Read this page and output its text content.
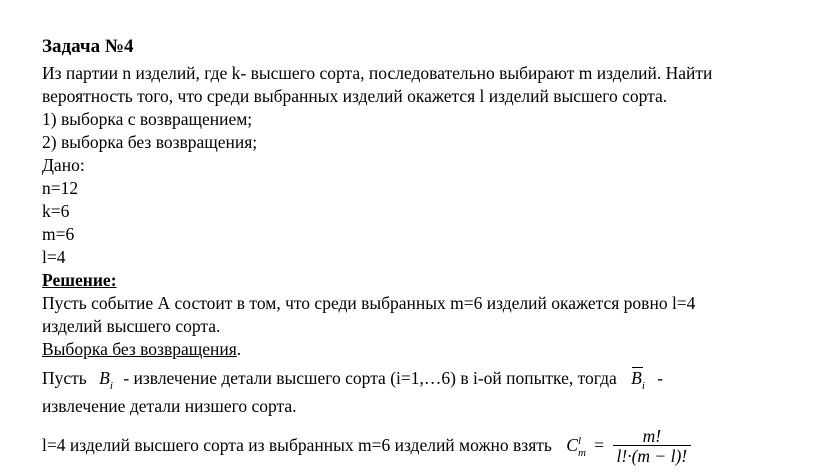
Задача №4
Из партии n изделий, где k- высшего сорта, последовательно выбирают m изделий. Найти
вероятность того, что среди выбранных изделий окажется l изделий высшего сорта.
1) выборка с возвращением;
2) выборка без возвращения;
Дано:
n=12
k=6
m=6
l=4
Решение:
Пусть событие А состоит в том, что среди выбранных m=6 изделий окажется ровно l=4
изделий высшего сорта.
Выборка без возвращения.
Пусть $B_i$ - извлечение детали высшего сорта (i=1,…6) в i-ой попытке, тогда $B_i$ -
извлечение детали низшего сорта.
l=4 изделий высшего сорта из выбранных m=6 изделий можно взять C l
$m = \frac{m!}{l!\cdot(m - l)!}$
